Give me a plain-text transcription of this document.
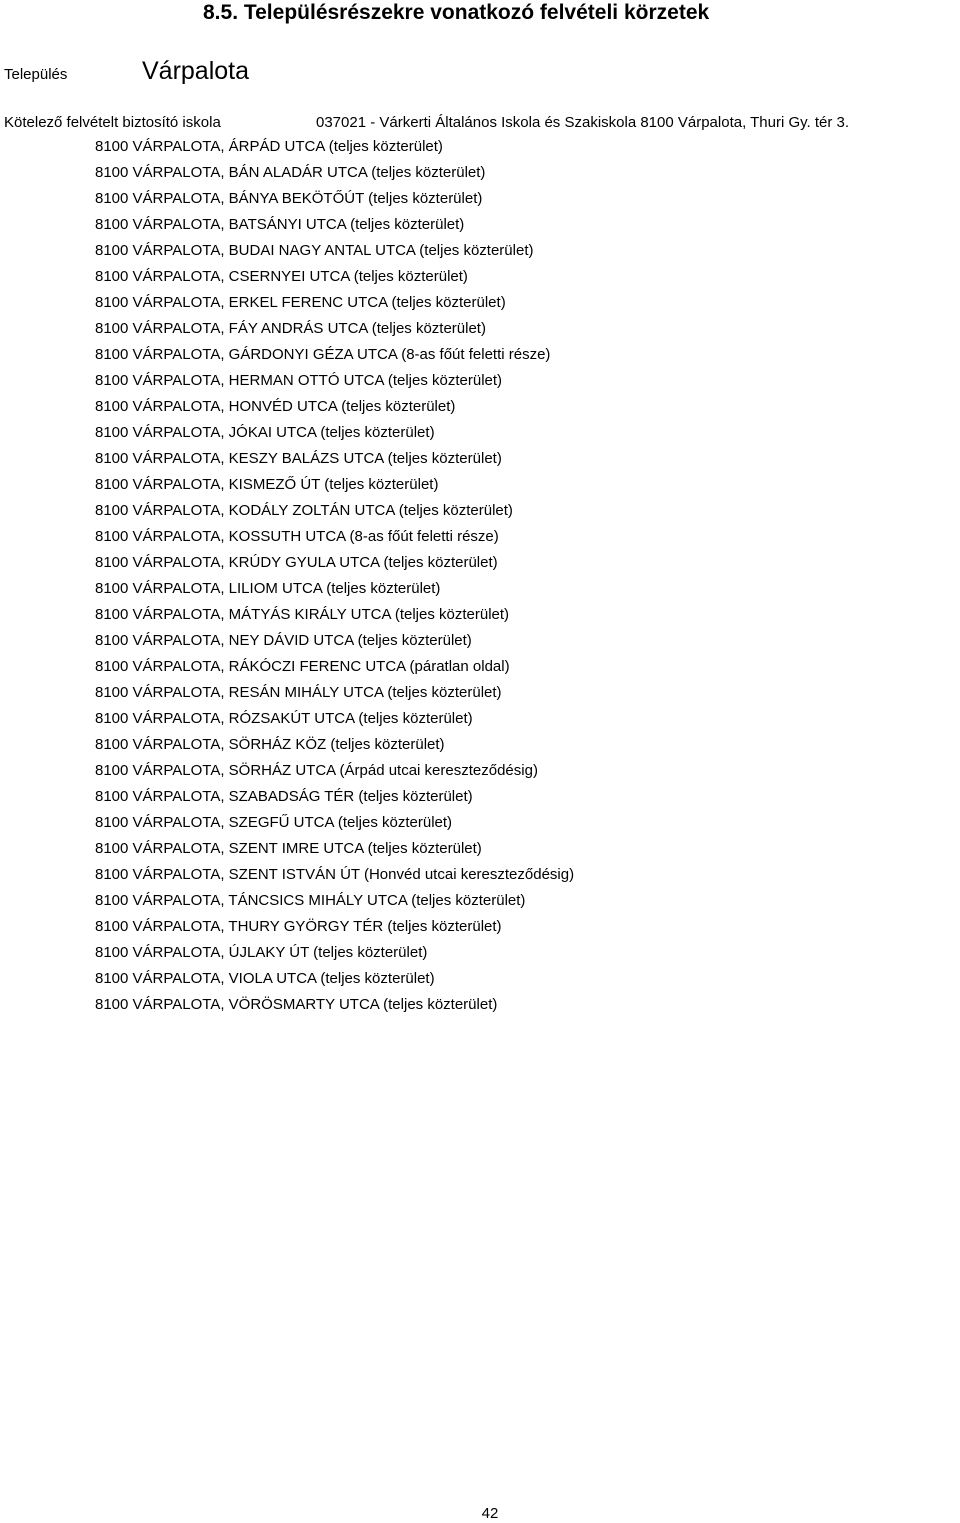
8.5. Településrészekre vonatkozó felvételi körzetek
Település	Várpalota
Kötelező felvételt biztosító iskola	037021 - Várkerti Általános Iskola és Szakiskola 8100 Várpalota, Thuri Gy. tér 3.
8100 VÁRPALOTA, ÁRPÁD UTCA (teljes közterület)
8100 VÁRPALOTA, BÁN ALADÁR UTCA (teljes közterület)
8100 VÁRPALOTA, BÁNYA BEKÖTŐÚT (teljes közterület)
8100 VÁRPALOTA, BATSÁNYI UTCA (teljes közterület)
8100 VÁRPALOTA, BUDAI NAGY ANTAL UTCA (teljes közterület)
8100 VÁRPALOTA, CSERNYEI UTCA (teljes közterület)
8100 VÁRPALOTA, ERKEL FERENC UTCA (teljes közterület)
8100 VÁRPALOTA, FÁY ANDRÁS UTCA (teljes közterület)
8100 VÁRPALOTA, GÁRDONYI GÉZA UTCA (8-as főút feletti része)
8100 VÁRPALOTA, HERMAN OTTÓ UTCA (teljes közterület)
8100 VÁRPALOTA, HONVÉD UTCA (teljes közterület)
8100 VÁRPALOTA, JÓKAI UTCA (teljes közterület)
8100 VÁRPALOTA, KESZY BALÁZS UTCA (teljes közterület)
8100 VÁRPALOTA, KISMEZŐ ÚT (teljes közterület)
8100 VÁRPALOTA, KODÁLY ZOLTÁN UTCA (teljes közterület)
8100 VÁRPALOTA, KOSSUTH UTCA (8-as főút feletti része)
8100 VÁRPALOTA, KRÚDY GYULA UTCA (teljes közterület)
8100 VÁRPALOTA, LILIOM UTCA (teljes közterület)
8100 VÁRPALOTA, MÁTYÁS KIRÁLY UTCA (teljes közterület)
8100 VÁRPALOTA, NEY DÁVID UTCA (teljes közterület)
8100 VÁRPALOTA, RÁKÓCZI FERENC UTCA (páratlan oldal)
8100 VÁRPALOTA, RESÁN MIHÁLY UTCA (teljes közterület)
8100 VÁRPALOTA, RÓZSAKÚT UTCA (teljes közterület)
8100 VÁRPALOTA, SÖRHÁZ KÖZ (teljes közterület)
8100 VÁRPALOTA, SÖRHÁZ UTCA (Árpád utcai kereszteződésig)
8100 VÁRPALOTA, SZABADSÁG TÉR (teljes közterület)
8100 VÁRPALOTA, SZEGFŰ UTCA (teljes közterület)
8100 VÁRPALOTA, SZENT IMRE UTCA (teljes közterület)
8100 VÁRPALOTA, SZENT ISTVÁN ÚT (Honvéd utcai kereszteződésig)
8100 VÁRPALOTA, TÁNCSICS MIHÁLY UTCA (teljes közterület)
8100 VÁRPALOTA, THURY GYÖRGY TÉR (teljes közterület)
8100 VÁRPALOTA, ÚJLAKY ÚT (teljes közterület)
8100 VÁRPALOTA, VIOLA UTCA (teljes közterület)
8100 VÁRPALOTA, VÖRÖSMARTY UTCA (teljes közterület)
42
